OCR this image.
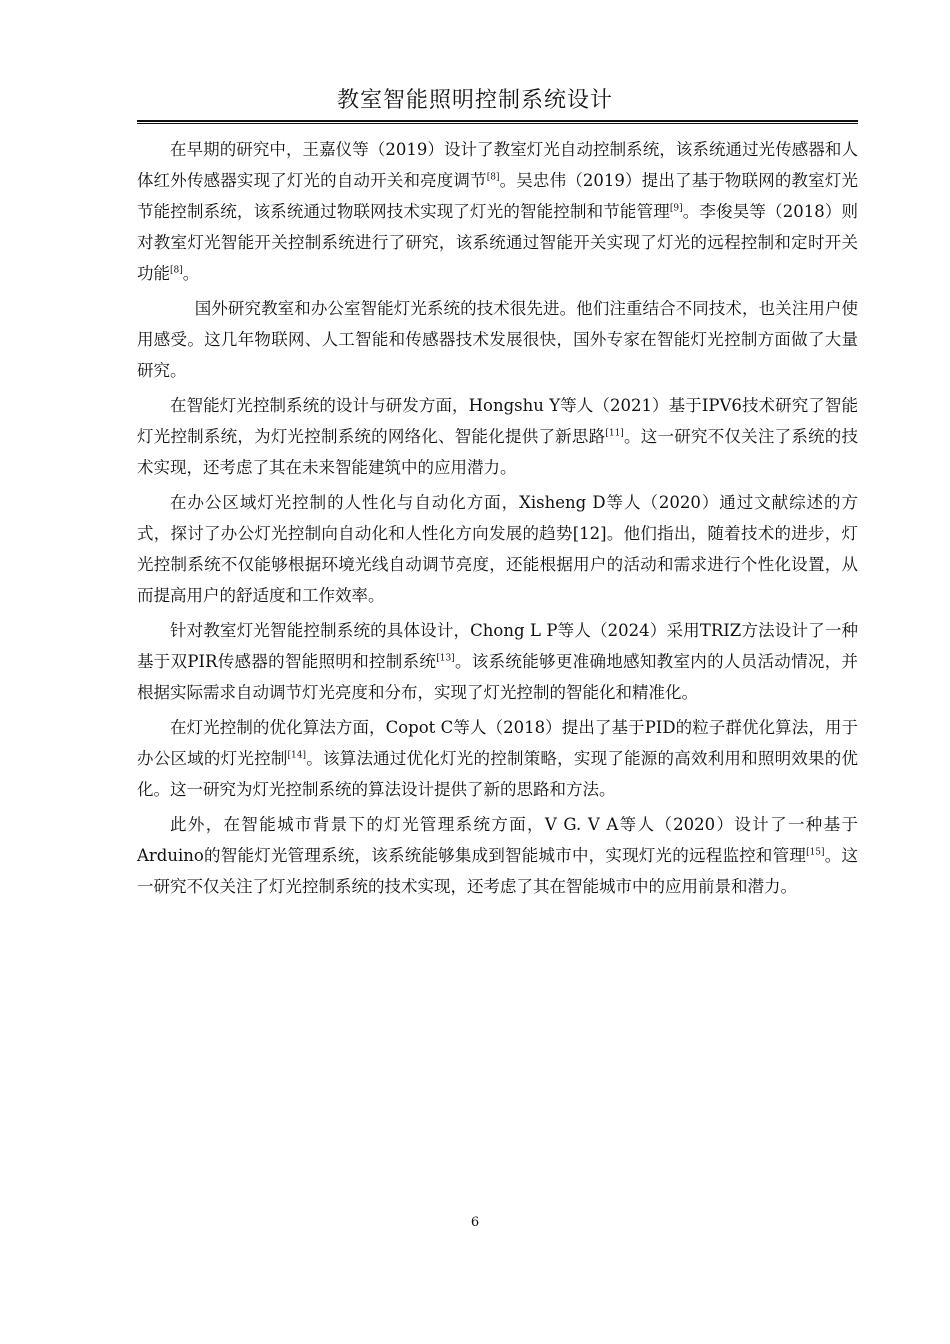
教室智能照明控制系统设计

在早期的研究中，王嘉仪等（2019）设计了教室灯光自动控制系统，该系统通过光传感器和人体红外传感器实现了灯光的自动开关和亮度调节[8]。吴忠伟（2019）提出了基于物联网的教室灯光节能控制系统，该系统通过物联网技术实现了灯光的智能控制和节能管理[9]。李俊昊等（2018）则对教室灯光智能开关控制系统进行了研究，该系统通过智能开关实现了灯光的远程控制和定时开关功能[8]。

国外研究教室和办公室智能灯光系统的技术很先进。他们注重结合不同技术，也关注用户使用感受。这几年物联网、人工智能和传感器技术发展很快，国外专家在智能灯光控制方面做了大量研究。

在智能灯光控制系统的设计与研发方面，Hongshu Y等人（2021）基于IPV6技术研究了智能灯光控制系统，为灯光控制系统的网络化、智能化提供了新思路[11]。这一研究不仅关注了系统的技术实现，还考虑了其在未来智能建筑中的应用潜力。

在办公区域灯光控制的人性化与自动化方面，Xisheng D等人（2020）通过文献综述的方式，探讨了办公灯光控制向自动化和人性化方向发展的趋势[12]。他们指出，随着技术的进步，灯光控制系统不仅能够根据环境光线自动调节亮度，还能根据用户的活动和需求进行个性化设置，从而提高用户的舒适度和工作效率。

针对教室灯光智能控制系统的具体设计，Chong L P等人（2024）采用TRIZ方法设计了一种基于双PIR传感器的智能照明和控制系统[13]。该系统能够更准确地感知教室内的人员活动情况，并根据实际需求自动调节灯光亮度和分布，实现了灯光控制的智能化和精准化。

在灯光控制的优化算法方面，Copot C等人（2018）提出了基于PID的粒子群优化算法，用于办公区域的灯光控制[14]。该算法通过优化灯光的控制策略，实现了能源的高效利用和照明效果的优化。这一研究为灯光控制系统的算法设计提供了新的思路和方法。

此外，在智能城市背景下的灯光管理系统方面，V G. V A等人（2020）设计了一种基于Arduino的智能灯光管理系统，该系统能够集成到智能城市中，实现灯光的远程监控和管理[15]。这一研究不仅关注了灯光控制系统的技术实现，还考虑了其在智能城市中的应用前景和潜力。

6
